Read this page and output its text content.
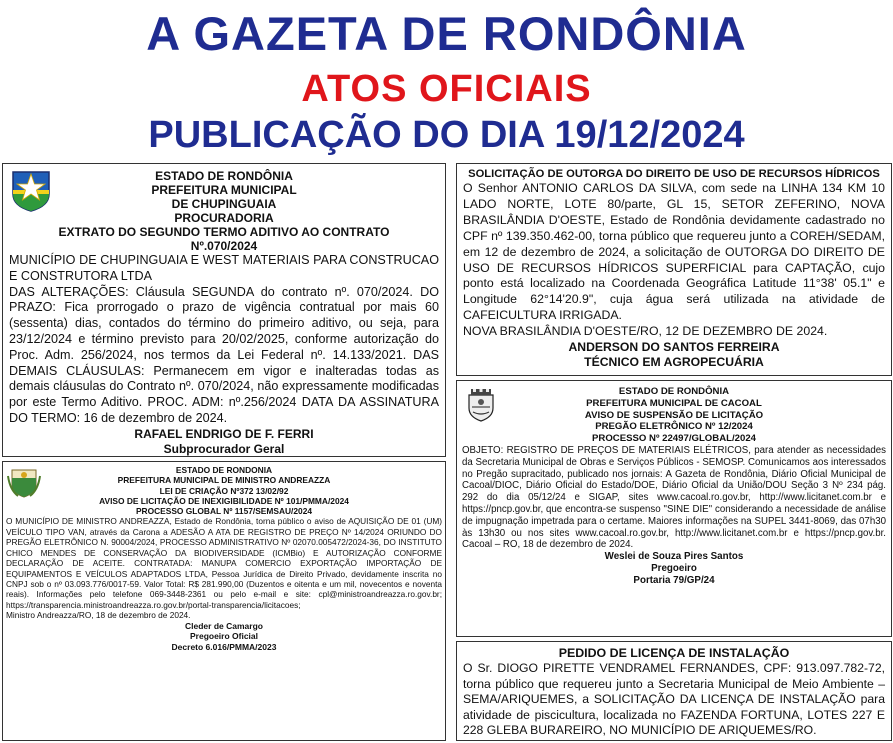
A GAZETA DE RONDÔNIA
ATOS OFICIAIS
PUBLICAÇÃO DO DIA 19/12/2024
ESTADO DE RONDÔNIA
PREFEITURA MUNICIPAL
DE CHUPINGUAIA
PROCURADORIA
EXTRATO DO SEGUNDO TERMO ADITIVO AO CONTRATO
Nº.070/2024

MUNICÍPIO DE CHUPINGUAIA E WEST MATERIAIS PARA CONSTRUCAO E CONSTRUTORA LTDA
DAS ALTERAÇÕES: Cláusula SEGUNDA do contrato nº. 070/2024. DO PRAZO: Fica prorrogado o prazo de vigência contratual por mais 60 (sessenta) dias, contados do término do primeiro aditivo, ou seja, para 23/12/2024 e término previsto para 20/02/2025, conforme autorização do Proc. Adm. 256/2024, nos termos da Lei Federal nº. 14.133/2021. DAS DEMAIS CLÁUSULAS: Permanecem em vigor e inalteradas todas as demais cláusulas do Contrato nº. 070/2024, não expressamente modificadas por este Termo Aditivo. PROC. ADM: nº.256/2024 DATA DA ASSINATURA DO TERMO: 16 de dezembro de 2024.

RAFAEL ENDRIGO DE F. FERRI
Subprocurador Geral
ESTADO DE RONDONIA
PREFEITURA MUNICIPAL DE MINISTRO ANDREAZZA
LEI DE CRIAÇÃO Nº372 13/02/92
AVISO DE LICITAÇÃO DE INEXIGIBILIDADE Nº 101/PMMA/2024
PROCESSO GLOBAL Nº 1157/SEMSAU/2024

O MUNICÍPIO DE MINISTRO ANDREAZZA, Estado de Rondônia, torna público o aviso de AQUISIÇÃO DE 01 (UM) VEÍCULO TIPO VAN, através da Carona a ADESÃO A ATA DE REGISTRO DE PREÇO Nº 14/2024 ORIUNDO DO PREGÃO ELETRÔNICO N. 90004/2024, PROCESSO ADMINISTRATIVO Nº 02070.005472/2024-36, DO INSTITUTO CHICO MENDES DE CONSERVAÇÃO DA BIODIVERSIDADE (ICMBio) E AUTORIZAÇÃO CONFORME DECLARAÇÃO DE ACEITE. CONTRATADA: MANUPA COMERCIO EXPORTAÇÃO IMPORTAÇÃO DE EQUIPAMENTOS E VEÍCULOS ADAPTADOS LTDA, Pessoa Jurídica de Direito Privado, devidamente inscrita no CNPJ sob o nº 03.093.776/0017-59. Valor Total: R$ 281.990,00 (Duzentos e oitenta e um mil, novecentos e noventa reais). Informações pelo telefone 069-3448-2361 ou pelo e-mail e site: cpl@ministroandreazza.ro.gov.br; https://transparencia.ministroandreazza.ro.gov.br/portal-transparencia/licitacoes;

Ministro Andreazza/RO, 18 de dezembro de 2024.

Cleder de Camargo
Pregoeiro Oficial
Decreto 6.016/PMMA/2023
SOLICITAÇÃO DE OUTORGA DO DIREITO DE USO DE RECURSOS HÍDRICOS

O Senhor ANTONIO CARLOS DA SILVA, com sede na LINHA 134 KM 10 LADO NORTE, LOTE 80/parte, GL 15, SETOR ZEFERINO, NOVA BRASILÂNDIA D'OESTE, Estado de Rondônia devidamente cadastrado no CPF nº 139.350.462-00, torna público que requereu junto a COREH/SEDAM, em 12 de dezembro de 2024, a solicitação de OUTORGA DO DIREITO DE USO DE RECURSOS HÍDRICOS SUPERFICIAL para CAPTAÇÃO, cujo ponto está localizado na Coordenada Geográfica Latitude 11°38' 05.1" e Longitude 62°14'20.9", cuja água será utilizada na atividade de CAFEICULTURA IRRIGADA.

NOVA BRASILÂNDIA D'OESTE/RO, 12 DE DEZEMBRO DE 2024.

ANDERSON DO SANTOS FERREIRA
TÉCNICO EM AGROPECUÁRIA
ESTADO DE RONDÔNIA
PREFEITURA MUNICIPAL DE CACOAL
AVISO DE SUSPENSÃO DE LICITAÇÃO
PREGÃO ELETRÔNICO Nº 12/2024
PROCESSO Nº 22497/GLOBAL/2024

OBJETO: REGISTRO DE PREÇOS DE MATERIAIS ELÉTRICOS, para atender as necessidades da Secretaria Municipal de Obras e Serviços Públicos - SEMOSP. Comunicamos aos interessados no Pregão supracitado, publicado nos jornais: A Gazeta de Rondônia, Diário Oficial Municipal de Cacoal/DIOC, Diário Oficial do Estado/DOE, Diário Oficial da União/DOU Seção 3 Nº 234 pág. 292 do dia 05/12/24 e SIGAP, sites www.cacoal.ro.gov.br, http://www.licitanet.com.br e https://pncp.gov.br, que encontra-se suspenso "SINE DIE" considerando a necessidade de análise de impugnação impetrada para o certame. Maiores informações na SUPEL 3441-8069, das 07h30 às 13h30 ou nos sites www.cacoal.ro.gov.br, http://www.licitanet.com.br e https://pncp.gov.br. Cacoal – RO, 18 de dezembro de 2024.

Weslei de Souza Pires Santos
Pregoeiro
Portaria 79/GP/24
PEDIDO DE LICENÇA DE INSTALAÇÃO

O Sr. DIOGO PIRETTE VENDRAMEL FERNANDES, CPF: 913.097.782-72, torna público que requereu junto a Secretaria Municipal de Meio Ambiente – SEMA/ARIQUEMES, a SOLICITAÇÃO DA LICENÇA DE INSTALAÇÃO para atividade de piscicultura, localizada no FAZENDA FORTUNA, LOTES 227 E 228 GLEBA BURAREIRO, NO MUNICÍPIO DE ARIQUEMES/RO.
